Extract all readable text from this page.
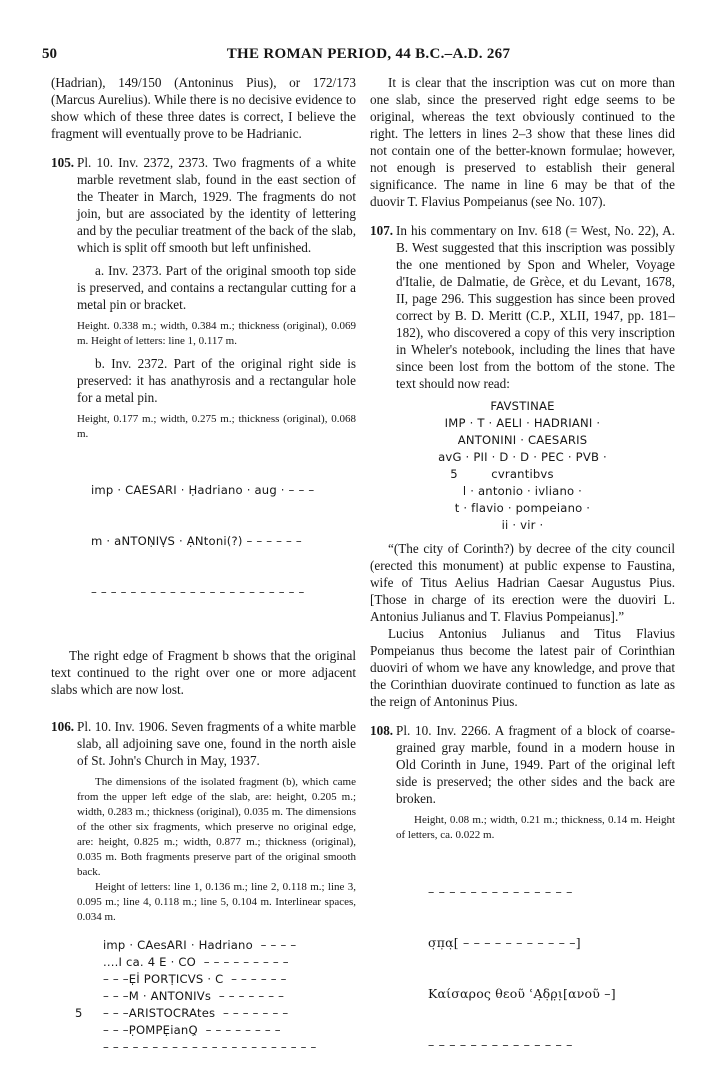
50	THE ROMAN PERIOD, 44 B.C.–A.D. 267

(Hadrian), 149/150 (Antoninus Pius), or 172/173 (Marcus Aurelius). While there is no decisive evidence to show which of these three dates is correct, I believe the fragment will eventually prove to be Hadrianic.

105. Pl. 10. Inv. 2372, 2373. Two fragments of a white marble revetment slab, found in the east section of the Theater in March, 1929. The fragments do not join, but are associated by the identity of lettering and by the peculiar treatment of the back of the slab, which is split off smooth but left unfinished.

a. Inv. 2373. Part of the original smooth top side is preserved, and contains a rectangular cutting for a metal pin or bracket.

Height. 0.338 m.; width, 0.384 m.; thickness (original), 0.069 m. Height of letters: line 1, 0.117 m.

b. Inv. 2372. Part of the original right side is preserved: it has anathyrosis and a rectangular hole for a metal pin.

Height, 0.177 m.; width, 0.275 m.; thickness (original), 0.068 m.

imp · CAESARI · Ḥadriano · aug · – – –

m · aNTOṆIṾS · ẠNtoni(?) – – – – – –

– – – – – – – – – – – – – – – – – – – – – –

The right edge of Fragment b shows that the original text continued to the right over one or more adjacent slabs which are now lost.

106. Pl. 10. Inv. 1906. Seven fragments of a white marble slab, all adjoining save one, found in the north aisle of St. John's Church in May, 1937.

The dimensions of the isolated fragment (b), which came from the upper left edge of the slab, are: height, 0.205 m.; width, 0.283 m.; thickness (original), 0.035 m. The dimensions of the other six fragments, which preserve no original edge, are: height, 0.825 m.; width, 0.877 m.; thickness (original), 0.035 m. Both fragments preserve part of the original smooth back.

Height of letters: line 1, 0.136 m.; line 2, 0.118 m.; line 3, 0.095 m.; line 4, 0.118 m.; line 5, 0.104 m. Interlinear spaces, 0.034 m.

imp · CAesARI · Hadriano  – – – –
....I ca. 4 E · CO  – – – – – – – – –
– – –Ẹİ PORṬICVS · C  – – – – – –
– – –M · ANTONIVs  – – – – – – –
5 – – –ARISTOCRAtes  – – – – – – –
– – –P̣OMPẸianQ̣  – – – – – – – –
– – – – – – – – – – – – – – – – – – – – – –

It is clear that the inscription was cut on more than one slab, since the preserved right edge seems to be original, whereas the text obviously continued to the right. The letters in lines 2–3 show that these lines did not contain one of the better-known formulae; however, not enough is preserved to establish their general significance. The name in line 6 may be that of the duovir T. Flavius Pompeianus (see No. 107).

107. In his commentary on Inv. 618 (= West, No. 22), A. B. West suggested that this inscription was possibly the one mentioned by Spon and Wheler, Voyage d'Italie, de Dalmatie, de Grèce, et du Levant, 1678, II, page 296. This suggestion has since been proved correct by B. D. Meritt (C.P., XLII, 1947, pp. 181–182), who discovered a copy of this very inscription in Wheler's notebook, including the lines that have since been lost from the bottom of the stone. The text should now read:

FAVSTINAE
IMP · T · AELI · HADRIANI ·
ANTONINI · CAESARIS
avG · PII · D · D · PEC · PVB ·
5	cvrantibvs
l · antonio · ivliano ·
t · flavio · pompeiano ·
ii · vir ·

“(The city of Corinth?) by decree of the city council (erected this monument) at public expense to Faustina, wife of Titus Aelius Hadrian Caesar Augustus Pius. [Those in charge of its erection were the duoviri L. Antonius Julianus and T. Flavius Pompeianus].”

Lucius Antonius Julianus and Titus Flavius Pompeianus thus become the latest pair of Corinthian duoviri of whom we have any knowledge, and prove that the Corinthian duovirate continued to function as late as the reign of Antoninus Pius.

108. Pl. 10. Inv. 2266. A fragment of a block of coarse-grained gray marble, found in a modern house in Old Corinth in June, 1949. Part of the original left side is preserved; the other sides and the back are broken.

Height, 0.08 m.; width, 0.21 m.; thickness, 0.14 m. Height of letters, ca. 0.022 m.

– – – – – – – – – – – – – –

σ̣π̣α̣[ – – – – – – – – – – –]

Καίσαρος θεοῦ ʿΑ̣δ̣ρ̣ι̣[ανοῦ –]

– – – – – – – – – – – – – –
